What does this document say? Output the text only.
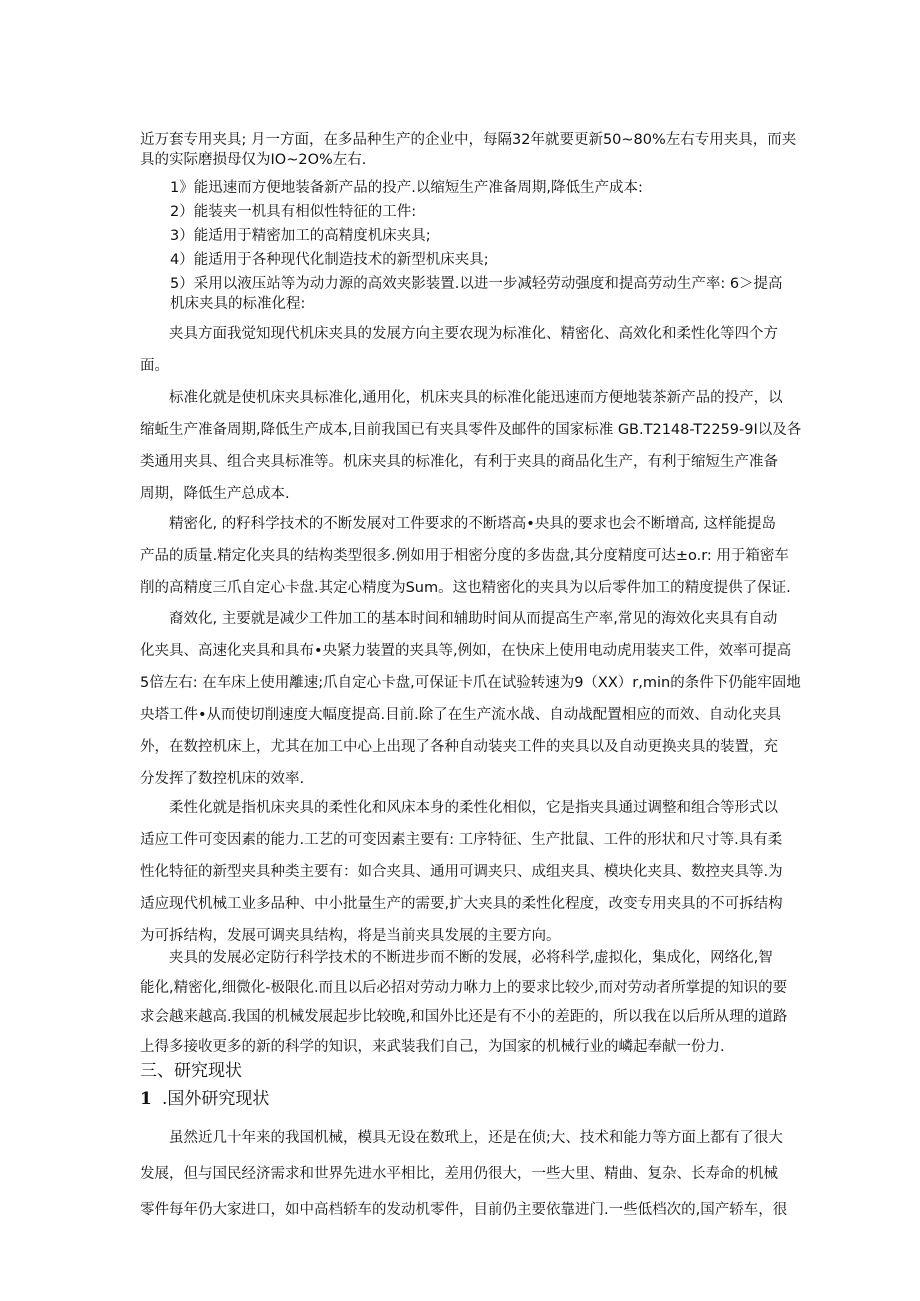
近万套专用夹具; 月一方面，在多品种生产的企业中，每隔32年就要更新50~80%左右专用夹具，而夹
具的实际磨损母仅为IO~2O%左右.
1》能迅速而方便地装备新产品的投产.以缩短生产准备周期,降低生产成本:
2）能装夹一机具有相似性特征的工件:
3）能适用于精密加工的高精度机床夹具;
4）能适用于各种现代化制造技术的新型机床夹具;
5）采用以液压站等为动力源的高效夹影装置.以进一步减轻劳动强度和提高劳动生产率: 6＞提高
机床夹具的标准化程:
夹具方面我觉知现代机床夹具的发展方向主要农现为标准化、精密化、高效化和柔性化等四个方
面。
标准化就是使机床夹具标准化,通用化，机床夹具的标准化能迅速而方便地装茶新产品的投产，以
缩蚯生产准备周期,降低生产成本,目前我国已有夹具零件及邮件的国家标准 GB.T2148-T2259-9I以及各
类通用夹具、组合夹具标准等。机床夹具的标准化，有利于夹具的商品化生产，有利于缩短生产准备
周期，降低生产总成本.
精密化, 的籽科学技术的不断发展对工件要求的不断塔高•央具的要求也会不断增高, 这样能提岛
产品的质量.精定化夹具的结构类型很多.例如用于相密分度的多齿盘,其分度精度可达±o.r: 用于箱密车
削的高精度三爪自定心卡盘.其定心精度为Sum。这也精密化的夹具为以后零件加工的精度提供了保证.
裔效化, 主要就是减少工件加工的基本时间和辅助时间从而提高生产率,常见的海效化夹具有自动
化夹具、高速化夹具和具布•央紧力装置的夹具等,例如，在快床上使用电动虎用装夹工件，效率可提高
5倍左右: 在车床上使用離速;爪自定心卡盘,可保证卡爪在试验转速为9（XX）r,min的条件下仍能牢固地
央塔工件•从而使切削速度大幅度提高.目前.除了在生产流水战、自动战配置相应的而效、自动化夹具
外，在数控机床上，尤其在加工中心上出现了各种自动装夹工件的夹具以及自动更换夹具的装置，充
分发挥了数控机床的效率.
柔性化就是指机床夹具的柔性化和风床本身的柔性化相似，它是指夹具通过调整和组合等形式以
适应工件可变因素的能力.工艺的可变因素主要有: 工序特征、生产批鼠、工件的形状和尺寸等.具有柔
性化特征的新型夹具种类主要有：如合夹具、通用可调夹只、成组夹具、模块化夹具、数控夹具等.为
适应现代机械工业多品种、中小批量生产的需要,扩大夹具的柔性化程度，改变专用夹具的不可拆结构
为可拆结构，发展可调夹具结构，将是当前夹具发展的主要方向。
夹具的发展必定防行科学技术的不断进步而不断的发展，必将科学,虚拟化，集成化，网络化,智
能化,精密化,细微化-极限化.而且以后必招对劳动力咻力上的要求比较少,而对劳动者所掌提的知识的要
求会越来越高.我国的机械发展起步比较晚,和国外比还是有不小的差距的，所以我在以后所从理的道路
上得多接收更多的新的科学的知识，来武装我们自己，为国家的机械行业的嶙起奉献一份力.
三、研究现状
1 .国外研究现状
虽然近几十年来的我国机械，模具无设在数玳上，还是在侦;大、技术和能力等方面上都有了很大
发展，但与国民经济需求和世界先进水平相比，差用仍很大，一些大里、精曲、复杂、长寿命的机械
零件每年仍大家进口，如中高档轿车的发动机零件，目前仍主要依靠进门.一些低档次的,国产轿车，很
